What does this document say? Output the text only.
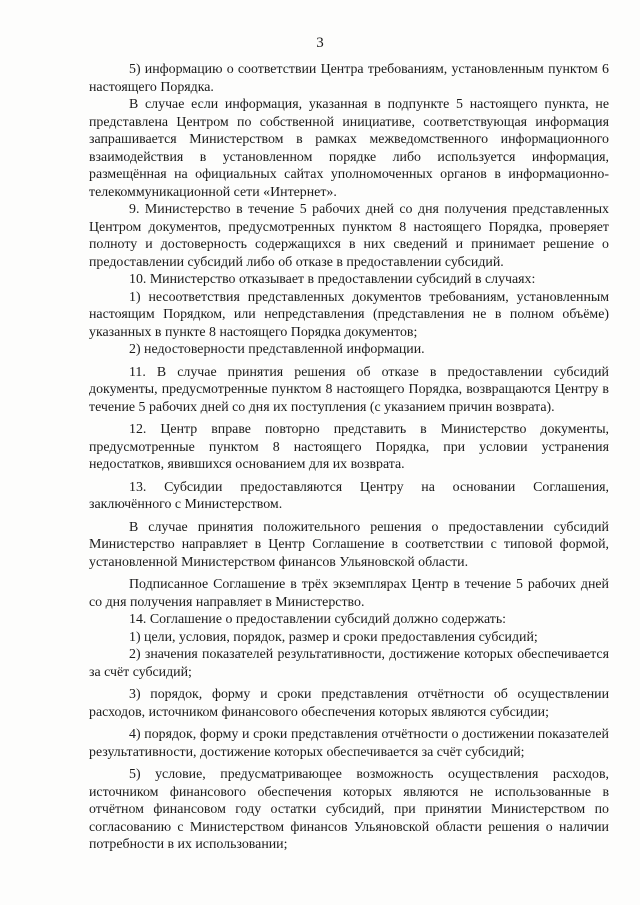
3

5) информацию о соответствии Центра требованиям, установленным пунктом 6 настоящего Порядка.

В случае если информация, указанная в подпункте 5 настоящего пункта, не представлена Центром по собственной инициативе, соответствующая информация запрашивается Министерством в рамках межведомственного информационного взаимодействия в установленном порядке либо используется информация, размещённая на официальных сайтах уполномоченных органов в информационно-телекоммуникационной сети «Интернет».

9. Министерство в течение 5 рабочих дней со дня получения представленных Центром документов, предусмотренных пунктом 8 настоящего Порядка, проверяет полноту и достоверность содержащихся в них сведений и принимает решение о предоставлении субсидий либо об отказе в предоставлении субсидий.

10. Министерство отказывает в предоставлении субсидий в случаях:

1) несоответствия представленных документов требованиям, установленным настоящим Порядком, или непредставления (представления не в полном объёме) указанных в пункте 8 настоящего Порядка документов;

2) недостоверности представленной информации.

11. В случае принятия решения об отказе в предоставлении субсидий документы, предусмотренные пунктом 8 настоящего Порядка, возвращаются Центру в течение 5 рабочих дней со дня их поступления (с указанием причин возврата).

12. Центр вправе повторно представить в Министерство документы, предусмотренные пунктом 8 настоящего Порядка, при условии устранения недостатков, явившихся основанием для их возврата.

13. Субсидии предоставляются Центру на основании Соглашения, заключённого с Министерством.

В случае принятия положительного решения о предоставлении субсидий Министерство направляет в Центр Соглашение в соответствии с типовой формой, установленной Министерством финансов Ульяновской области.

Подписанное Соглашение в трёх экземплярах Центр в течение 5 рабочих дней со дня получения направляет в Министерство.

14. Соглашение о предоставлении субсидий должно содержать:

1) цели, условия, порядок, размер и сроки предоставления субсидий;

2) значения показателей результативности, достижение которых обеспечивается за счёт субсидий;

3) порядок, форму и сроки представления отчётности об осуществлении расходов, источником финансового обеспечения которых являются субсидии;

4) порядок, форму и сроки представления отчётности о достижении показателей результативности, достижение которых обеспечивается за счёт субсидий;

5) условие, предусматривающее возможность осуществления расходов, источником финансового обеспечения которых являются не использованные в отчётном финансовом году остатки субсидий, при принятии Министерством по согласованию с Министерством финансов Ульяновской области решения о наличии потребности в их использовании;
